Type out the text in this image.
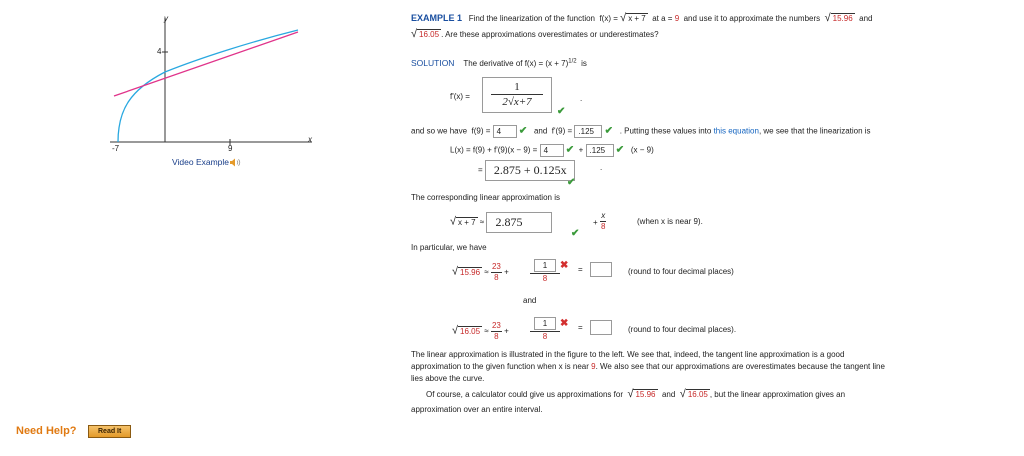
y
x
4
-7	9
Video Example
EXAMPLE 1 Find the linearization of the function f(x) = √ x + 7 at a = 9 and use it to approximate the numbers √ 15.96 and
√ 16.05 . Are these approximations overestimates or underestimates?
SOLUTION The derivative of $f(x) = (x + 7)^{1/2}$ is
f'(x) =
1
2√x+7
✔
.
and so we have f(9) = 4 ✔ and f'(9) = .125 ✔ . Putting these values into this equation, we see that the linearization is
L(x) = f(9) + f'(9)(x − 9) = 4 ✔ + .125 ✔ (x − 9)
= 2.875 + 0.125x
✔
.
The corresponding linear approximation is
√ x + 7 ≈ 2.875
✔
+ $\frac{x}{8}$	(when x is near 9).
In particular, we have
√ $15.96 \approx \frac{23}{8}$ +
1
8
✖ =	(round to four decimal places)
and
√ $16.05 \approx \frac{23}{8}$ +
1
8
✖ =	(round to four decimal places).
The linear approximation is illustrated in the figure to the left. We see that, indeed, the tangent line approximation is a good
approximation to the given function when x is near 9. We also see that our approximations are overestimates because the tangent line
lies above the curve.
Of course, a calculator could give us approximations for √ 15.96 and √ 16.05 , but the linear approximation gives an
approximation over an entire interval.
Need Help?	Read It
